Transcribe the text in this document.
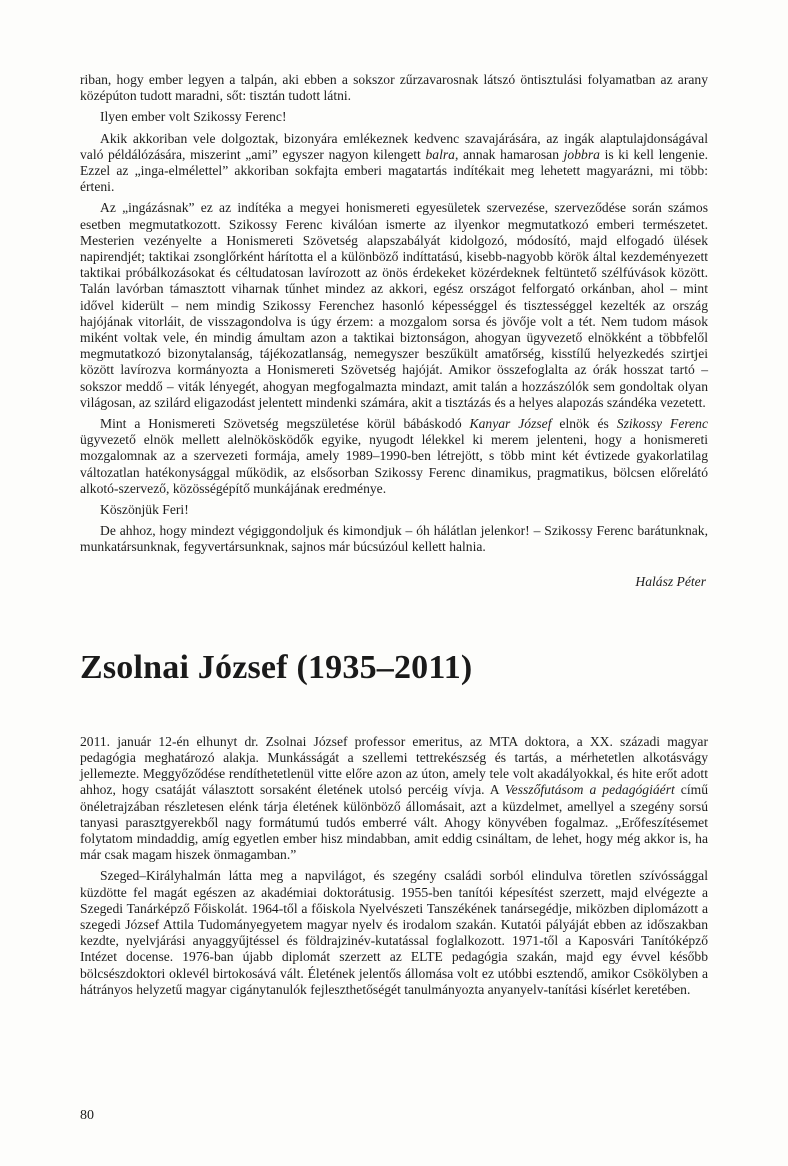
riban, hogy ember legyen a talpán, aki ebben a sokszor zűrzavarosnak látszó öntisztulási folyamatban az arany középúton tudott maradni, sőt: tisztán tudott látni.

Ilyen ember volt Szikossy Ferenc!

Akik akkoriban vele dolgoztak, bizonyára emlékeznek kedvenc szavajárására, az ingák alaptulajdonságával való példálózására, miszerint „ami” egyszer nagyon kilengett balra, annak hamarosan jobbra is ki kell lengenie. Ezzel az „inga-elmélettel” akkoriban sokfajta emberi magatartás indítékait meg lehetett magyarázni, mi több: érteni.

Az „ingázásnak” ez az indítéka a megyei honismereti egyesületek szervezése, szerveződése során számos esetben megmutatkozott. Szikossy Ferenc kiválóan ismerte az ilyenkor megmutatkozó emberi természetet. Mesterien vezényelte a Honismereti Szövetség alapszabályát kidolgozó, módosító, majd elfogadó ülések napirendjét; taktikai zsonglőrként hárította el a különböző indíttatású, kisebb-nagyobb körök által kezdeményezett taktikai próbálkozásokat és céltudatosan lavírozott az önös érdekeket közérdeknek feltüntető szélfúvások között. Talán lavórban támasztott viharnak tűnhet mindez az akkori, egész országot felforgató orkánban, ahol – mint idővel kiderült – nem mindig Szikossy Ferenchez hasonló képességgel és tisztességgel kezelték az ország hajójának vitorláit, de visszagondolva is úgy érzem: a mozgalom sorsa és jövője volt a tét. Nem tudom mások miként voltak vele, én mindig ámultam azon a taktikai biztonságon, ahogyan ügyvezető elnökként a többfelől megmutatkozó bizonytalanság, tájékozatlanság, nemegyszer beszűkült amatőrség, kisstílű helyezkedés szirtjei között lavírozva kormányozta a Honismereti Szövetség hajóját. Amikor összefoglalta az órák hosszat tartó – sokszor meddő – viták lényegét, ahogyan megfogalmazta mindazt, amit talán a hozzászólók sem gondoltak olyan világosan, az szilárd eligazodást jelentett mindenki számára, akit a tisztázás és a helyes alapozás szándéka vezetett.

Mint a Honismereti Szövetség megszületése körül bábáskodó Kanyar József elnök és Szikossy Ferenc ügyvezető elnök mellett alelnökösködők egyike, nyugodt lélekkel ki merem jelenteni, hogy a honismereti mozgalomnak az a szervezeti formája, amely 1989–1990-ben létrejött, s több mint két évtizede gyakorlatilag változatlan hatékonysággal működik, az elsősorban Szikossy Ferenc dinamikus, pragmatikus, bölcsen előrelátó alkotó-szervező, közösségépítő munkájának eredménye.

Köszönjük Feri!

De ahhoz, hogy mindezt végiggondoljuk és kimondjuk – óh hálátlan jelenkor! – Szikossy Ferenc barátunknak, munkatársunknak, fegyvertársunknak, sajnos már búcsúzóul kellett halnia.

Halász Péter

Zsolnai József (1935–2011)

2011. január 12-én elhunyt dr. Zsolnai József professor emeritus, az MTA doktora, a XX. századi magyar pedagógia meghatározó alakja. Munkásságát a szellemi tettrekészség és tartás, a mérhetetlen alkotásvágy jellemezte. Meggyőződése rendíthetetlenül vitte előre azon az úton, amely tele volt akadályokkal, és hite erőt adott ahhoz, hogy csatáját választott sorsaként életének utolsó percéig vívja. A Vesszőfutásom a pedagógiáért című önéletrajzában részletesen elénk tárja életének különböző állomásait, azt a küzdelmet, amellyel a szegény sorsú tanyasi parasztgyerekből nagy formátumú tudós emberré vált. Ahogy könyvében fogalmaz. „Erőfeszítésemet folytatom mindaddig, amíg egyetlen ember hisz mindabban, amit eddig csináltam, de lehet, hogy még akkor is, ha már csak magam hiszek önmagamban.”

Szeged–Királyhalmán látta meg a napvilágot, és szegény családi sorból elindulva töretlen szívóssággal küzdötte fel magát egészen az akadémiai doktorátusig. 1955-ben tanítói képesítést szerzett, majd elvégezte a Szegedi Tanárképző Főiskolát. 1964-től a főiskola Nyelvészeti Tanszékének tanársegédje, miközben diplomázott a szegedi József Attila Tudományegyetem magyar nyelv és irodalom szakán. Kutatói pályáját ebben az időszakban kezdte, nyelvjárási anyaggyűjtéssel és földrajzinév-kutatással foglalkozott. 1971-től a Kaposvári Tanítóképző Intézet docense. 1976-ban újabb diplomát szerzett az ELTE pedagógia szakán, majd egy évvel később bölcsészdoktori oklevél birtokosává vált. Életének jelentős állomása volt ez utóbbi esztendő, amikor Csökölyben a hátrányos helyzetű magyar cigánytanulók fejleszthetőségét tanulmányozta anyanyelv-tanítási kísérlet keretében.

80
